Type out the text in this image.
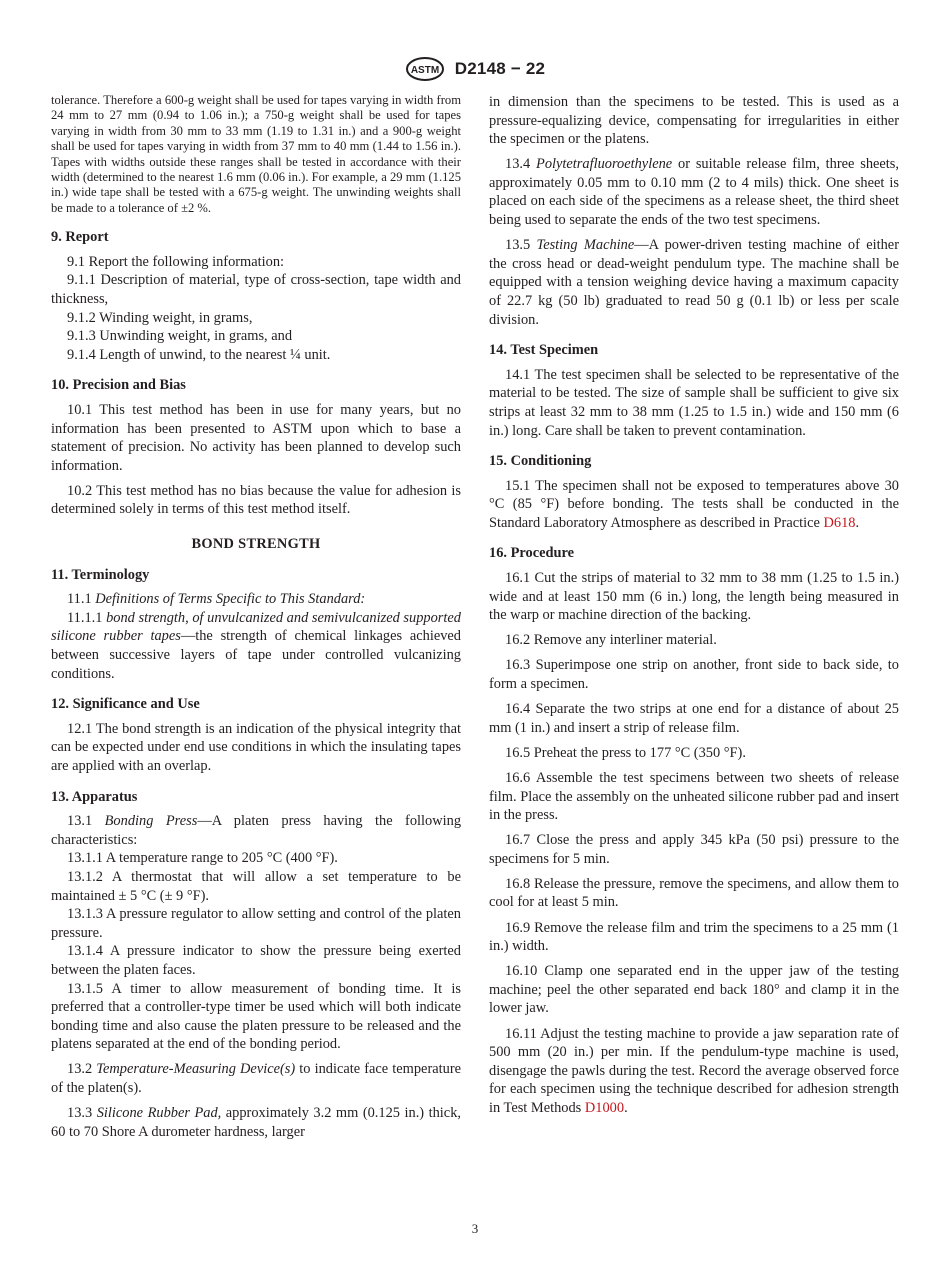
ASTM D2148 − 22

tolerance. Therefore a 600-g weight shall be used for tapes varying in width from 24 mm to 27 mm (0.94 to 1.06 in.); a 750-g weight shall be used for tapes varying in width from 30 mm to 33 mm (1.19 to 1.31 in.) and a 900-g weight shall be used for tapes varying in width from 37 mm to 40 mm (1.44 to 1.56 in.). Tapes with widths outside these ranges shall be tested in accordance with their width (determined to the nearest 1.6 mm (0.06 in.). For example, a 29 mm (1.125 in.) wide tape shall be tested with a 675-g weight. The unwinding weights shall be made to a tolerance of ±2 %.

9. Report

9.1 Report the following information:

9.1.1 Description of material, type of cross-section, tape width and thickness,

9.1.2 Winding weight, in grams,

9.1.3 Unwinding weight, in grams, and

9.1.4 Length of unwind, to the nearest ¼ unit.

10. Precision and Bias

10.1 This test method has been in use for many years, but no information has been presented to ASTM upon which to base a statement of precision. No activity has been planned to develop such information.

10.2 This test method has no bias because the value for adhesion is determined solely in terms of this test method itself.

BOND STRENGTH
11. Terminology

11.1 Definitions of Terms Specific to This Standard:

11.1.1 bond strength, of unvulcanized and semivulcanized supported silicone rubber tapes—the strength of chemical linkages achieved between successive layers of tape under controlled vulcanizing conditions.

12. Significance and Use

12.1 The bond strength is an indication of the physical integrity that can be expected under end use conditions in which the insulating tapes are applied with an overlap.

13. Apparatus

13.1 Bonding Press—A platen press having the following characteristics:

13.1.1 A temperature range to 205 °C (400 °F).

13.1.2 A thermostat that will allow a set temperature to be maintained ± 5 °C (± 9 °F).

13.1.3 A pressure regulator to allow setting and control of the platen pressure.

13.1.4 A pressure indicator to show the pressure being exerted between the platen faces.

13.1.5 A timer to allow measurement of bonding time. It is preferred that a controller-type timer be used which will both indicate bonding time and also cause the platen pressure to be released and the platens separated at the end of the bonding period.

13.2 Temperature-Measuring Device(s) to indicate face temperature of the platen(s).

13.3 Silicone Rubber Pad, approximately 3.2 mm (0.125 in.) thick, 60 to 70 Shore A durometer hardness, larger

in dimension than the specimens to be tested. This is used as a pressure-equalizing device, compensating for irregularities in either the specimen or the platens.

13.4 Polytetrafluoroethylene or suitable release film, three sheets, approximately 0.05 mm to 0.10 mm (2 to 4 mils) thick. One sheet is placed on each side of the specimens as a release sheet, the third sheet being used to separate the ends of the two test specimens.

13.5 Testing Machine—A power-driven testing machine of either the cross head or dead-weight pendulum type. The machine shall be equipped with a tension weighing device having a maximum capacity of 22.7 kg (50 lb) graduated to read 50 g (0.1 lb) or less per scale division.

14. Test Specimen

14.1 The test specimen shall be selected to be representative of the material to be tested. The size of sample shall be sufficient to give six strips at least 32 mm to 38 mm (1.25 to 1.5 in.) wide and 150 mm (6 in.) long. Care shall be taken to prevent contamination.

15. Conditioning

15.1 The specimen shall not be exposed to temperatures above 30 °C (85 °F) before bonding. The tests shall be conducted in the Standard Laboratory Atmosphere as described in Practice D618.

16. Procedure

16.1 Cut the strips of material to 32 mm to 38 mm (1.25 to 1.5 in.) wide and at least 150 mm (6 in.) long, the length being measured in the warp or machine direction of the backing.

16.2 Remove any interliner material.

16.3 Superimpose one strip on another, front side to back side, to form a specimen.

16.4 Separate the two strips at one end for a distance of about 25 mm (1 in.) and insert a strip of release film.

16.5 Preheat the press to 177 °C (350 °F).

16.6 Assemble the test specimens between two sheets of release film. Place the assembly on the unheated silicone rubber pad and insert in the press.

16.7 Close the press and apply 345 kPa (50 psi) pressure to the specimens for 5 min.

16.8 Release the pressure, remove the specimens, and allow them to cool for at least 5 min.

16.9 Remove the release film and trim the specimens to a 25 mm (1 in.) width.

16.10 Clamp one separated end in the upper jaw of the testing machine; peel the other separated end back 180° and clamp it in the lower jaw.

16.11 Adjust the testing machine to provide a jaw separation rate of 500 mm (20 in.) per min. If the pendulum-type machine is used, disengage the pawls during the test. Record the average observed force for each specimen using the technique described for adhesion strength in Test Methods D1000.

3
